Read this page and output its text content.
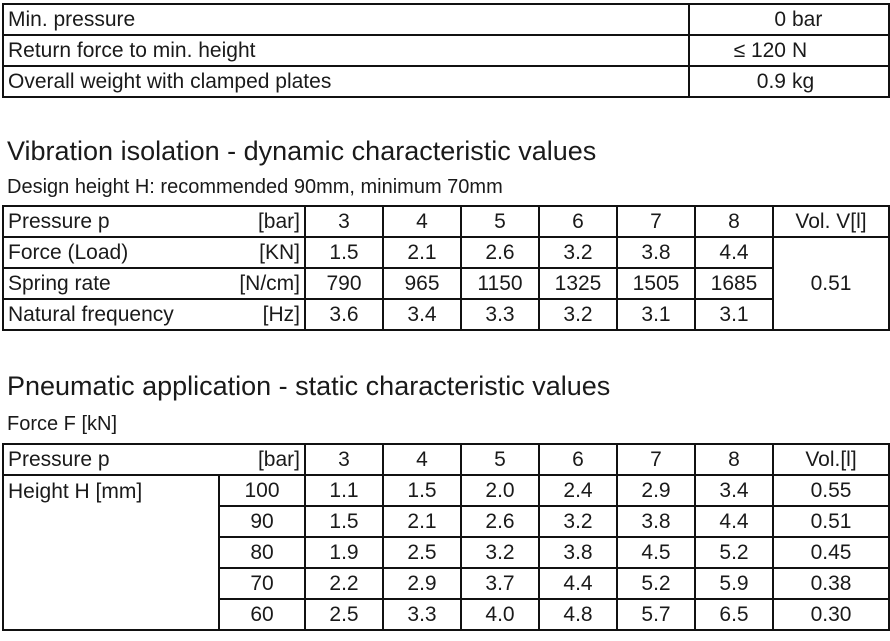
Min. pressure	0 bar
Return force to min. height	≤ 120 N
Overall weight with clamped plates	0.9 kg
Vibration isolation - dynamic characteristic values
Design height H: recommended 90mm, minimum 70mm
Pressure p	[bar]	3	4	5	6	7	8	Vol. V[l]
Force (Load)	[KN]	1.5	2.1	2.6	3.2	3.8	4.4	0.51
Spring rate	[N/cm]	790	965	1150	1325	1505	1685	
Natural frequency	[Hz]	3.6	3.4	3.3	3.2	3.1	3.1	
Pneumatic application - static characteristic values
Force F [kN]
Pressure p	[bar]	3	4	5	6	7	8	Vol.[l]
Height H [mm]	100	1.1	1.5	2.0	2.4	2.9	3.4	0.55
	90	1.5	2.1	2.6	3.2	3.8	4.4	0.51
	80	1.9	2.5	3.2	3.8	4.5	5.2	0.45
	70	2.2	2.9	3.7	4.4	5.2	5.9	0.38
	60	2.5	3.3	4.0	4.8	5.7	6.5	0.30
